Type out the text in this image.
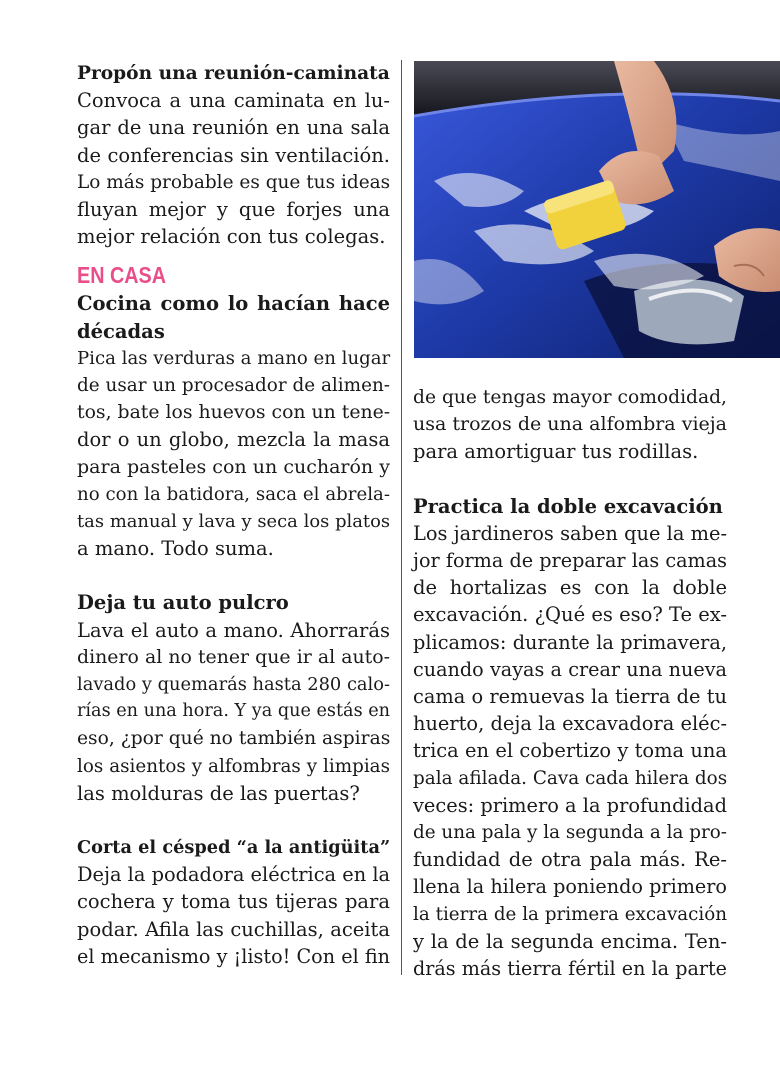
Propón una reunión-caminata
Convoca a una caminata en lu-
gar de una reunión en una sala
de conferencias sin ventilación.
Lo más probable es que tus ideas
fluyan mejor y que forjes una
mejor relación con tus colegas.
EN CASA
Cocina como lo hacían hace
décadas
Pica las verduras a mano en lugar
de usar un procesador de alimen-
tos, bate los huevos con un tene-
dor o un globo, mezcla la masa
para pasteles con un cucharón y
no con la batidora, saca el abrela-
tas manual y lava y seca los platos
a mano. Todo suma.
Deja tu auto pulcro
Lava el auto a mano. Ahorrarás
dinero al no tener que ir al auto-
lavado y quemarás hasta 280 calo-
rías en una hora. Y ya que estás en
eso, ¿por qué no también aspiras
los asientos y alfombras y limpias
las molduras de las puertas?
Corta el césped “a la antigüita”
Deja la podadora eléctrica en la
cochera y toma tus tijeras para
podar. Afila las cuchillas, aceita
el mecanismo y ¡listo! Con el fin
de que tengas mayor comodidad,
usa trozos de una alfombra vieja
para amortiguar tus rodillas.
Practica la doble excavación
Los jardineros saben que la me-
jor forma de preparar las camas
de hortalizas es con la doble
excavación. ¿Qué es eso? Te ex-
plicamos: durante la primavera,
cuando vayas a crear una nueva
cama o remuevas la tierra de tu
huerto, deja la excavadora eléc-
trica en el cobertizo y toma una
pala afilada. Cava cada hilera dos
veces: primero a la profundidad
de una pala y la segunda a la pro-
fundidad de otra pala más. Re-
llena la hilera poniendo primero
la tierra de la primera excavación
y la de la segunda encima. Ten-
drás más tierra fértil en la parte
